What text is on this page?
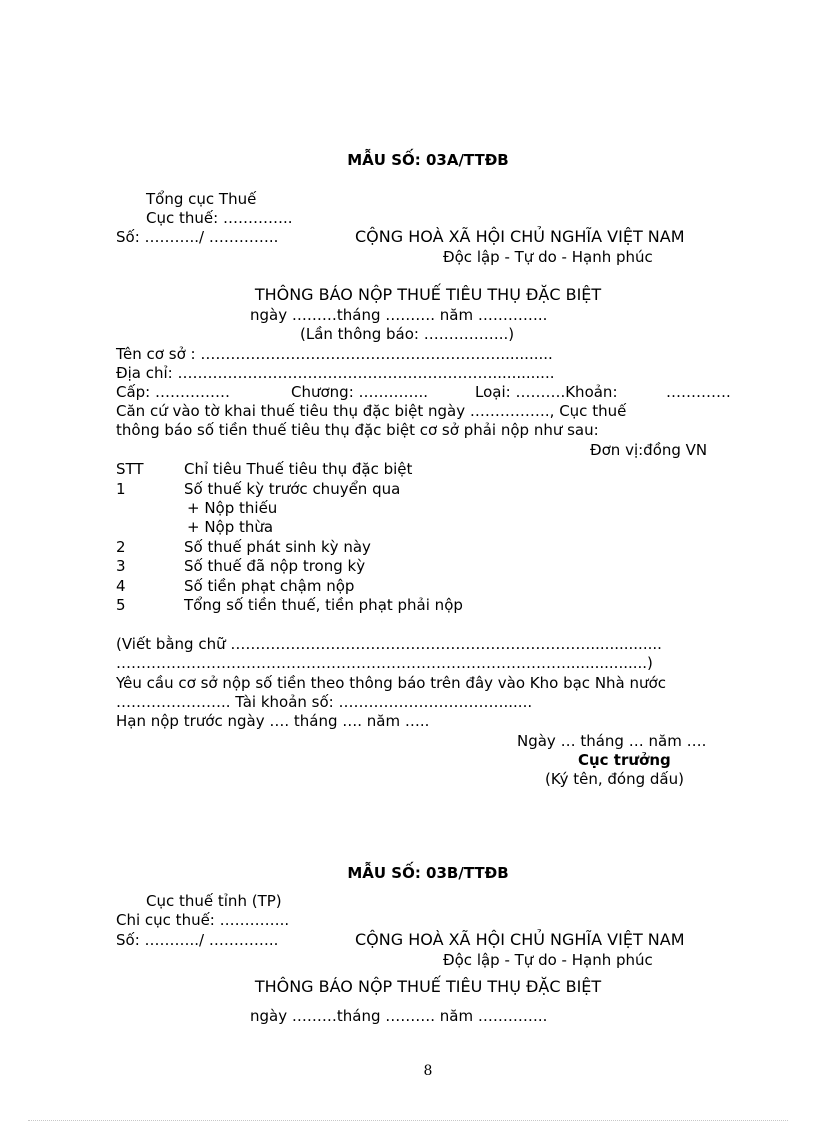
MẪU SỐ: 03A/TTĐB
Tổng cục Thuế
Cục thuế: …………..
Số: ………../ …………..	CỘNG HOÀ XÃ HỘI CHỦ NGHĨA VIỆT NAM
Độc lập - Tự do - Hạnh phúc
THÔNG BÁO NỘP THUẾ TIÊU THỤ ĐẶC BIỆT
ngày ………tháng ………. năm …………..
(Lần thông báo: ……………..)
Tên cơ sở : ……………………………………………………...........
Địa chỉ: ……………………………………………………….............
Cấp: ……………	Chương: …………..	Loại: ……….Khoản:	………….
Căn cứ vào tờ khai thuế tiêu thụ đặc biệt ngày ……………., Cục thuế
thông báo số tiền thuế tiêu thụ đặc biệt cơ sở phải nộp như sau:
Đơn vị:đồng VN
STT	Chỉ tiêu Thuế tiêu thụ đặc biệt
1	Số thuế kỳ trước chuyển qua
+ Nộp thiếu
+ Nộp thừa
2	Số thuế phát sinh kỳ này
3	Số thuế đã nộp trong kỳ
4	Số tiền phạt chậm nộp
5	Tổng số tiền thuế, tiền phạt phải nộp
(Viết bằng chữ ………………………………………………………………...............
……………………………………………………………………………….................)
Yêu cầu cơ sở nộp số tiền theo thông báo trên đây vào Kho bạc Nhà nước
………………….. Tài khoản số: ……………………………......
Hạn nộp trước ngày …. tháng …. năm …..
Ngày … tháng … năm ….
Cục trưởng
(Ký tên, đóng dấu)
MẪU SỐ: 03B/TTĐB
Cục thuế tỉnh (TP)
Chi cục thuế: …………..
Số: ………../ …………..	CỘNG HOÀ XÃ HỘI CHỦ NGHĨA VIỆT NAM
Độc lập - Tự do - Hạnh phúc
THÔNG BÁO NỘP THUẾ TIÊU THỤ ĐẶC BIỆT
ngày ………tháng ………. năm …………..
8
